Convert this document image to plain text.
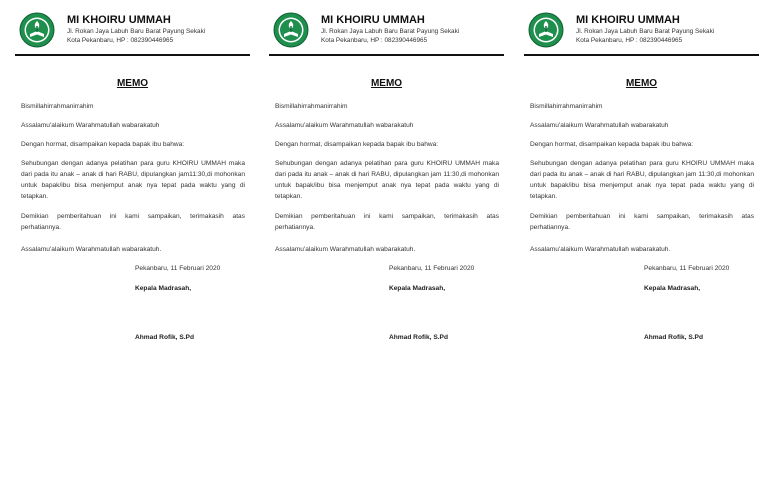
MI KHOIRU UMMAH
Jl. Rokan Jaya Labuh Baru Barat Payung Sekaki
Kota Pekanbaru, HP : 082390446965
MEMO
Bismillahirrahmanirrahim
Assalamu'alaikum Warahmatullah wabarakatuh
Dengan hormat, disampaikan kepada bapak ibu bahwa:
Sehubungan dengan adanya pelatihan para guru KHOIRU UMMAH maka dari pada itu anak – anak di hari RABU, dipulangkan jam11:30,di mohonkan untuk bapak/ibu bisa menjemput anak nya tepat pada waktu yang di tetapkan.
Demikian pemberitahuan ini kami sampaikan, terimakasih atas perhatiannya.
Assalamu'alaikum Warahmatullah wabarakatuh.
Pekanbaru, 11 Februari 2020
Kepala Madrasah,
Ahmad Rofik, S.Pd
MI KHOIRU UMMAH
Jl. Rokan Jaya Labuh Baru Barat Payung Sekaki
Kota Pekanbaru, HP : 082390446965
MEMO
Bismillahirrahmanirrahim
Assalamu'alaikum Warahmatullah wabarakatuh
Dengan hormat, disampaikan kepada bapak ibu bahwa:
Sehubungan dengan adanya pelatihan para guru KHOIRU UMMAH maka dari pada itu anak – anak di hari RABU, dipulangkan jam 11:30,di mohonkan untuk bapak/ibu bisa menjemput anak nya tepat pada waktu yang di tetapkan.
Demikian pemberitahuan ini kami sampaikan, terimakasih atas perhatiannya.
Assalamu'alaikum Warahmatullah wabarakatuh.
Pekanbaru, 11 Februari 2020
Kepala Madrasah,
Ahmad Rofik, S.Pd
MI KHOIRU UMMAH
Jl. Rokan Jaya Labuh Baru Barat Payung Sekaki
Kota Pekanbaru, HP : 082390446965
MEMO
Bismillahirrahmanirrahim
Assalamu'alaikum Warahmatullah wabarakatuh
Dengan hormat, disampaikan kepada bapak ibu bahwa:
Sehubungan dengan adanya pelatihan para guru KHOIRU UMMAH maka dari pada itu anak – anak di hari RABU, dipulangkan jam 11:30,di mohonkan untuk bapak/ibu bisa menjemput anak nya tepat pada waktu yang di tetapkan.
Demikian pemberitahuan ini kami sampaikan, terimakasih atas perhatiannya.
Assalamu'alaikum Warahmatullah wabarakatuh.
Pekanbaru, 11 Februari 2020
Kepala Madrasah,
Ahmad Rofik, S.Pd
